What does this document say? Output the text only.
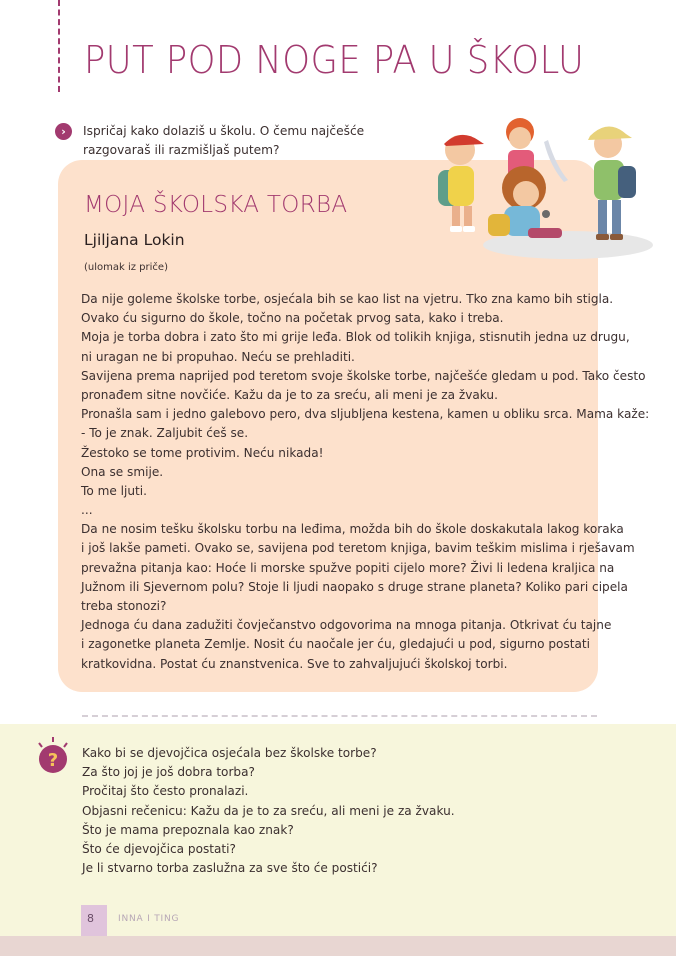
PUT POD NOGE PA U ŠKOLU
›	Ispričaj kako dolaziš u školu. O čemu najčešće razgovaraš ili razmišljaš putem?

MOJA ŠKOLSKA TORBA
Ljiljana Lokin
(ulomak iz priče)
Da nije goleme školske torbe, osjećala bih se kao list na vjetru. Tko zna kamo bih stigla.
Ovako ću sigurno do škole, točno na početak prvog sata, kako i treba.
Moja je torba dobra i zato što mi grije leđa. Blok od tolikih knjiga, stisnutih jedna uz drugu,
ni uragan ne bi propuhao. Neću se prehladiti.
Savijena prema naprijed pod teretom svoje školske torbe, najčešće gledam u pod. Tako često
pronađem sitne novčiće. Kažu da je to za sreću, ali meni je za žvaku.
Pronašla sam i jedno galebovo pero, dva sljubljena kestena, kamen u obliku srca. Mama kaže:
- To je znak. Zaljubit ćeš se.
Žestoko se tome protivim. Neću nikada!
Ona se smije.
To me ljuti.
...
Da ne nosim tešku školsku torbu na leđima, možda bih do škole doskakutala lakog koraka
i još lakše pameti. Ovako se, savijena pod teretom knjiga, bavim teškim mislima i rješavam
prevažna pitanja kao: Hoće li morske spužve popiti cijelo more? Živi li ledena kraljica na
Južnom ili Sjevernom polu? Stoje li ljudi naopako s druge strane planeta? Koliko pari cipela
treba stonozi?
Jednoga ću dana zadužiti čovječanstvo odgovorima na mnoga pitanja. Otkrivat ću tajne
i zagonetke planeta Zemlje. Nosit ću naočale jer ću, gledajući u pod, sigurno postati
kratkovidna. Postat ću znanstvenica. Sve to zahvaljujući školskoj torbi.
? Kako bi se djevojčica osjećala bez školske torbe?
Za što joj je još dobra torba?
Pročitaj što često pronalazi.
Objasni rečenicu: Kažu da je to za sreću, ali meni je za žvaku.
Što je mama prepoznala kao znak?
Što će djevojčica postati?
Je li stvarno torba zaslužna za sve što će postići?
8	INNA I TING
